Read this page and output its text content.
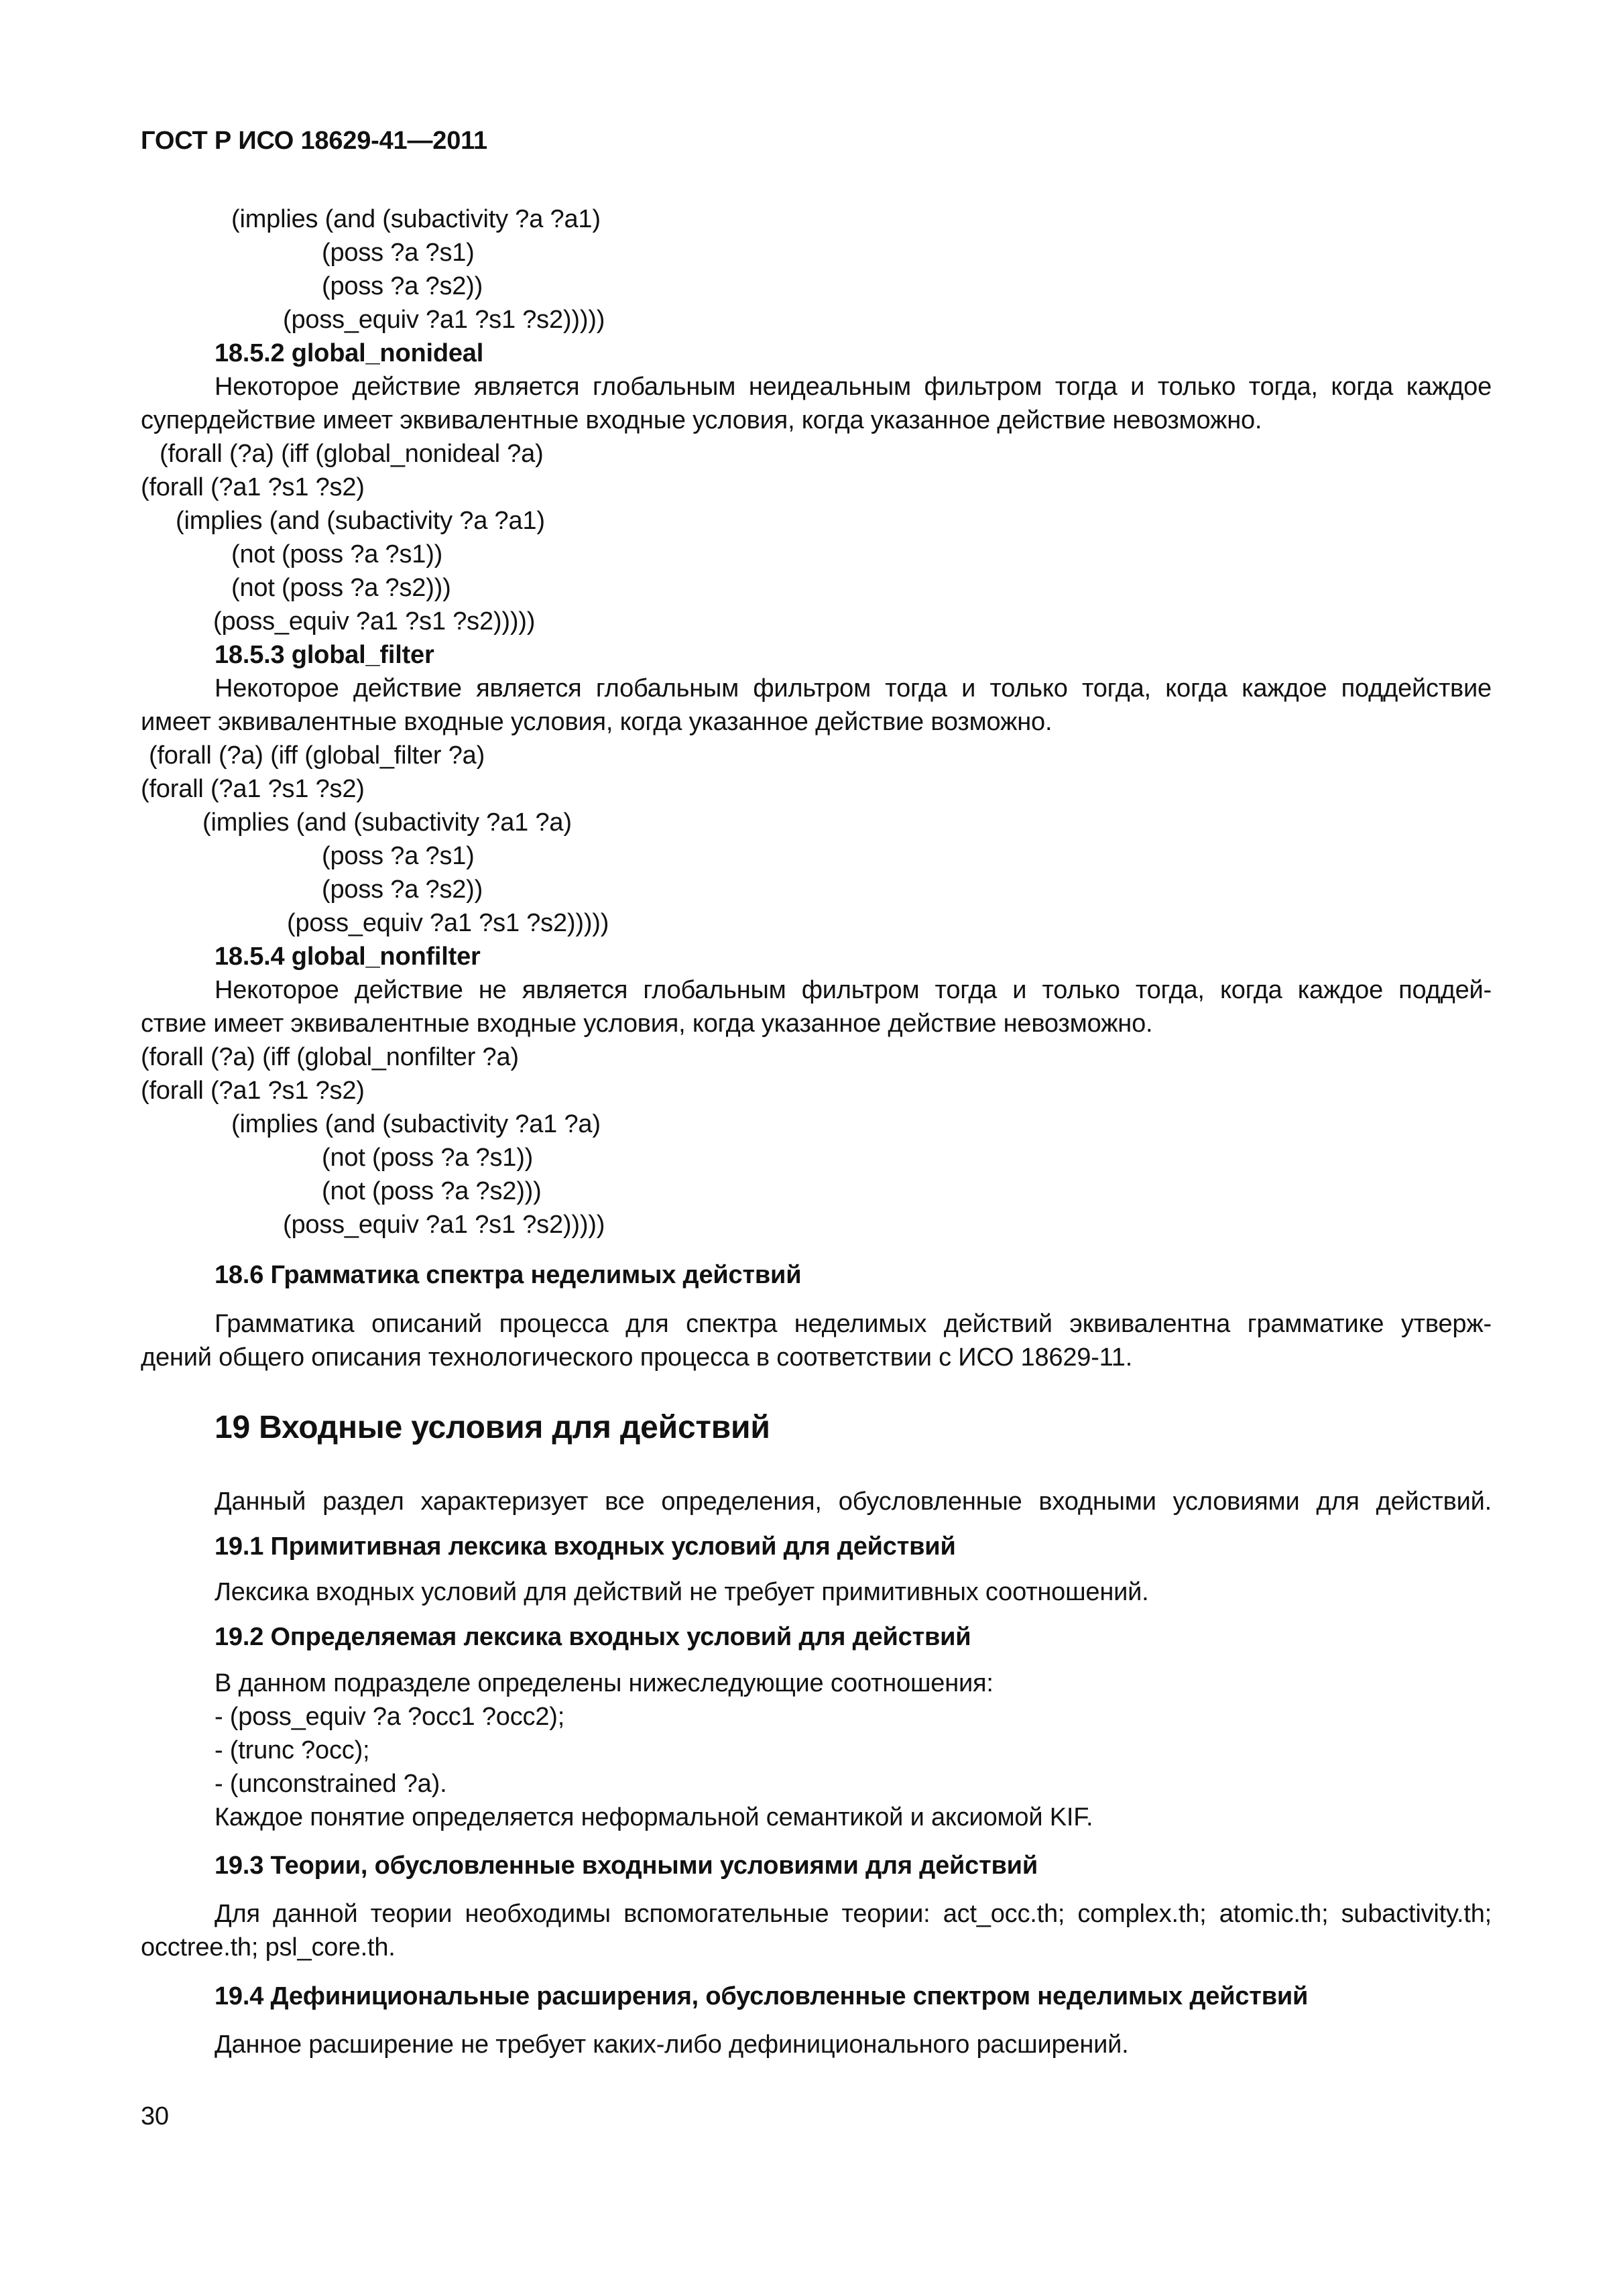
ГОСТ Р ИСО 18629-41—2011
(implies (and (subactivity ?a ?a1)
(poss ?a ?s1)
(poss ?a ?s2))
(poss_equiv ?a1 ?s1 ?s2)))))
18.5.2 global_nonideal
Некоторое действие является глобальным неидеальным фильтром тогда и только тогда, когда каждое
супердействие имеет эквивалентные входные условия, когда указанное действие невозможно.
(forall (?a) (iff (global_nonideal ?a)
(forall (?a1 ?s1 ?s2)
(implies (and (subactivity ?a ?a1)
(not (poss ?a ?s1))
(not (poss ?a ?s2)))
(poss_equiv ?a1 ?s1 ?s2)))))
18.5.3 global_filter
Некоторое действие является глобальным фильтром тогда и только тогда, когда каждое поддействие
имеет эквивалентные входные условия, когда указанное действие возможно.
(forall (?a) (iff (global_filter ?a)
(forall (?a1 ?s1 ?s2)
(implies (and (subactivity ?a1 ?a)
(poss ?a ?s1)
(poss ?a ?s2))
(poss_equiv ?a1 ?s1 ?s2)))))
18.5.4 global_nonfilter
Некоторое действие не является глобальным фильтром тогда и только тогда, когда каждое поддей-
ствие имеет эквивалентные входные условия, когда указанное действие невозможно.
(forall (?a) (iff (global_nonfilter ?a)
(forall (?a1 ?s1 ?s2)
(implies (and (subactivity ?a1 ?a)
(not (poss ?a ?s1))
(not (poss ?a ?s2)))
(poss_equiv ?a1 ?s1 ?s2)))))
18.6 Грамматика спектра неделимых действий
Грамматика описаний процесса для спектра неделимых действий эквивалентна грамматике утверж-
дений общего описания технологического процесса в соответствии с ИСО 18629-11.
19 Входные условия для действий
Данный раздел характеризует все определения, обусловленные входными условиями для действий.
19.1 Примитивная лексика входных условий для действий
Лексика входных условий для действий не требует примитивных соотношений.
19.2 Определяемая лексика входных условий для действий
В данном подразделе определены нижеследующие соотношения:
- (poss_equiv ?a ?occ1 ?occ2);
- (trunc ?occ);
- (unconstrained ?a).
Каждое понятие определяется неформальной семантикой и аксиомой KIF.
19.3 Теории, обусловленные входными условиями для действий
Для данной теории необходимы вспомогательные теории: act_occ.th; complex.th; atomic.th; subactivity.th;
occtree.th; psl_core.th.
19.4 Дефинициональные расширения, обусловленные спектром неделимых действий
Данное расширение не требует каких-либо дефиниционального расширений.
30
